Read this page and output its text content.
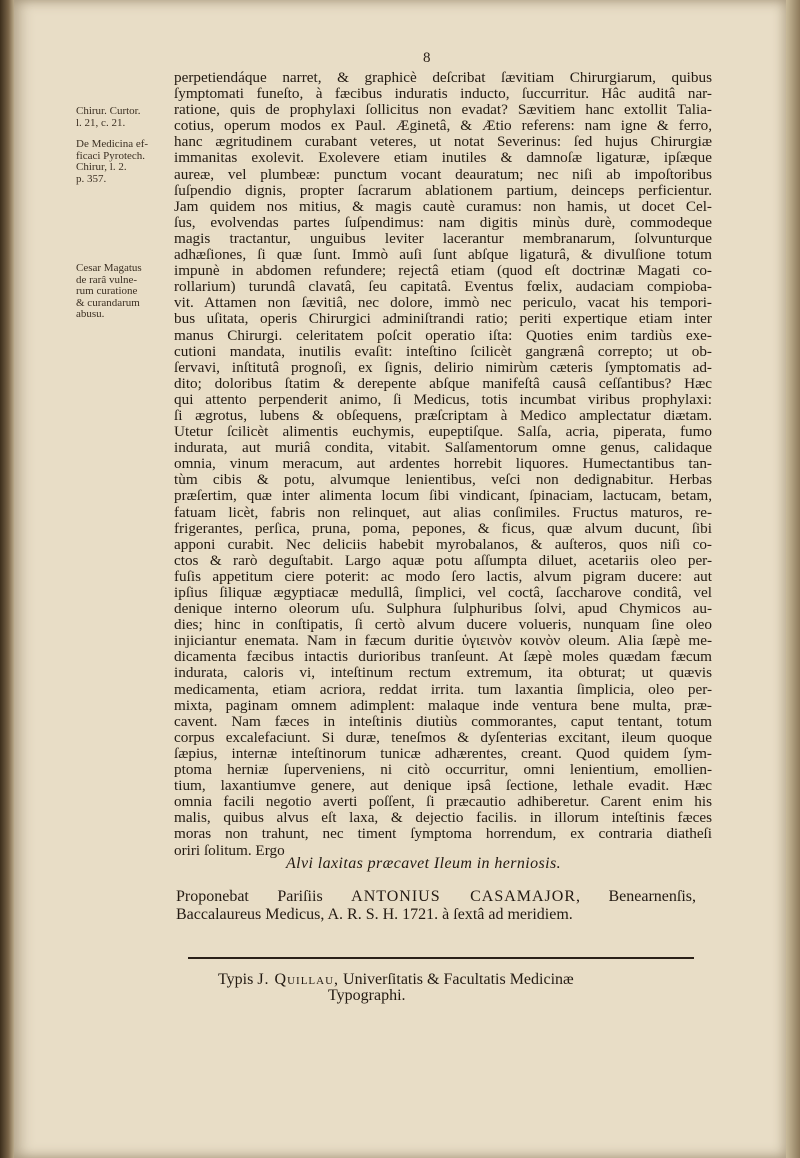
8
Chirur. Curtor.
l. 21, c. 21.
De Medicina ef-
ficaci Pyrotech.
Chirur, l. 2.
p. 357.
Cesar Magatus
de rarâ vulne-
rum curatione
& curandarum
abusu.
perpetiendáque narret, & graphicè deſcribat ſævitiam Chirurgiarum, quibus
ſymptomati funeſto, à fæcibus induratis inducto, ſuccurritur. Hâc auditâ nar-
ratione, quis de prophylaxi ſollicitus non evadat? Sævitiem hanc extollit Talia-
cotius, operum modos ex Paul. Æginetâ, & Ætio referens: nam igne & ferro,
hanc ægritudinem curabant veteres, ut notat Severinus: ſed hujus Chirurgiæ
immanitas exolevit. Exolevere etiam inutiles & damnoſæ ligaturæ, ipſæque
aureæ, vel plumbeæ: punctum vocant deauratum; nec niſi ab impoſtoribus
ſuſpendio dignis, propter ſacrarum ablationem partium, deinceps perficientur.
Jam quidem nos mitius, & magis cautè curamus: non hamis, ut docet Cel-
ſus, evolvendas partes ſuſpendimus: nam digitis minùs durè, commodeque
magis tractantur, unguibus leviter lacerantur membranarum, ſolvunturque
adhæſiones, ſi quæ ſunt. Immò auſi ſunt abſque ligaturâ, & divulſione totum
impunè in abdomen refundere; rejectâ etiam (quod eſt doctrinæ Magati co-
rollarium) turundâ clavatâ, ſeu capitatâ. Eventus fœlix, audaciam compioba-
vit. Attamen non ſævitiâ, nec dolore, immò nec periculo, vacat his tempori-
bus uſitata, operis Chirurgici adminiſtrandi ratio; periti expertique etiam inter
manus Chirurgi. celeritatem poſcit operatio iſta: Quoties enim tardiùs exe-
cutioni mandata, inutilis evaſit: inteſtino ſcilicèt gangrænâ correpto; ut ob-
ſervavi, inſtitutâ prognoſi, ex ſignis, delirio nimirùm cæteris ſymptomatis ad-
dito; doloribus ſtatim & derepente abſque manifeſtâ causâ ceſſantibus? Hæc
qui attento perpenderit animo, ſi Medicus, totis incumbat viribus prophylaxi:
ſi ægrotus, lubens & obſequens, præſcriptam à Medico amplectatur diætam.
Utetur ſcilicèt alimentis euchymis, eupeptiſque. Salſa, acria, piperata, fumo
indurata, aut muriâ condita, vitabit. Salſamentorum omne genus, calidaque
omnia, vinum meracum, aut ardentes horrebit liquores. Humectantibus tan-
tùm cibis & potu, alvumque lenientibus, veſci non dedignabitur. Herbas
præſertim, quæ inter alimenta locum ſibi vindicant, ſpinaciam, lactucam, betam,
fatuam licèt, fabris non relinquet, aut alias conſimiles. Fructus maturos, re-
frigerantes, perſica, pruna, poma, pepones, & ficus, quæ alvum ducunt, ſibi
apponi curabit. Nec deliciis habebit myrobalanos, & auſteros, quos niſi co-
ctos & rarò deguſtabit. Largo aquæ potu aſſumpta diluet, acetariis oleo per-
fuſis appetitum ciere poterit: ac modo ſero lactis, alvum pigram ducere: aut
ipſius ſiliquæ ægyptiacæ medullâ, ſimplici, vel coctâ, ſaccharove conditâ, vel
denique interno oleorum uſu. Sulphura ſulphuribus ſolvi, apud Chymicos au-
dies; hinc in conſtipatis, ſi certò alvum ducere volueris, nunquam ſine oleo
injiciantur enemata. Nam in fæcum duritie ὑγιεινὸν κοινὸν oleum. Alia ſæpè me-
dicamenta fæcibus intactis durioribus tranſeunt. At ſæpè moles quædam fæcum
indurata, caloris vi, inteſtinum rectum extremum, ita obturat; ut quævis
medicamenta, etiam acriora, reddat irrita. tum laxantia ſimplicia, oleo per-
mixta, paginam omnem adimplent: malaque inde ventura bene multa, præ-
cavent. Nam fæces in inteſtinis diutiùs commorantes, caput tentant, totum
corpus excalefaciunt. Si duræ, teneſmos & dyſenterias excitant, ileum quoque
ſæpius, internæ inteſtinorum tunicæ adhærentes, creant. Quod quidem ſym-
ptoma herniæ ſuperveniens, ni citò occurritur, omni lenientium, emollien-
tium, laxantiumve genere, aut denique ipsâ ſectione, lethale evadit. Hæc
omnia facili negotio averti poſſent, ſi præcautio adhiberetur. Carent enim his
malis, quibus alvus eſt laxa, & dejectio facilis. in illorum inteſtinis fæces
moras non trahunt, nec timent ſymptoma horrendum, ex contraria diatheſi
oriri ſolitum. Ergo
Alvi laxitas præcavet Ileum in herniosis.
Proponebat Pariſiis ANTONIUS CASAMAJOR, Benearnenſis,
Baccalaureus Medicus, A. R. S. H. 1721. à ſextâ ad meridiem.
Typis J. Quillau, Univerſitatis & Facultatis Medicinæ
Typographi.
